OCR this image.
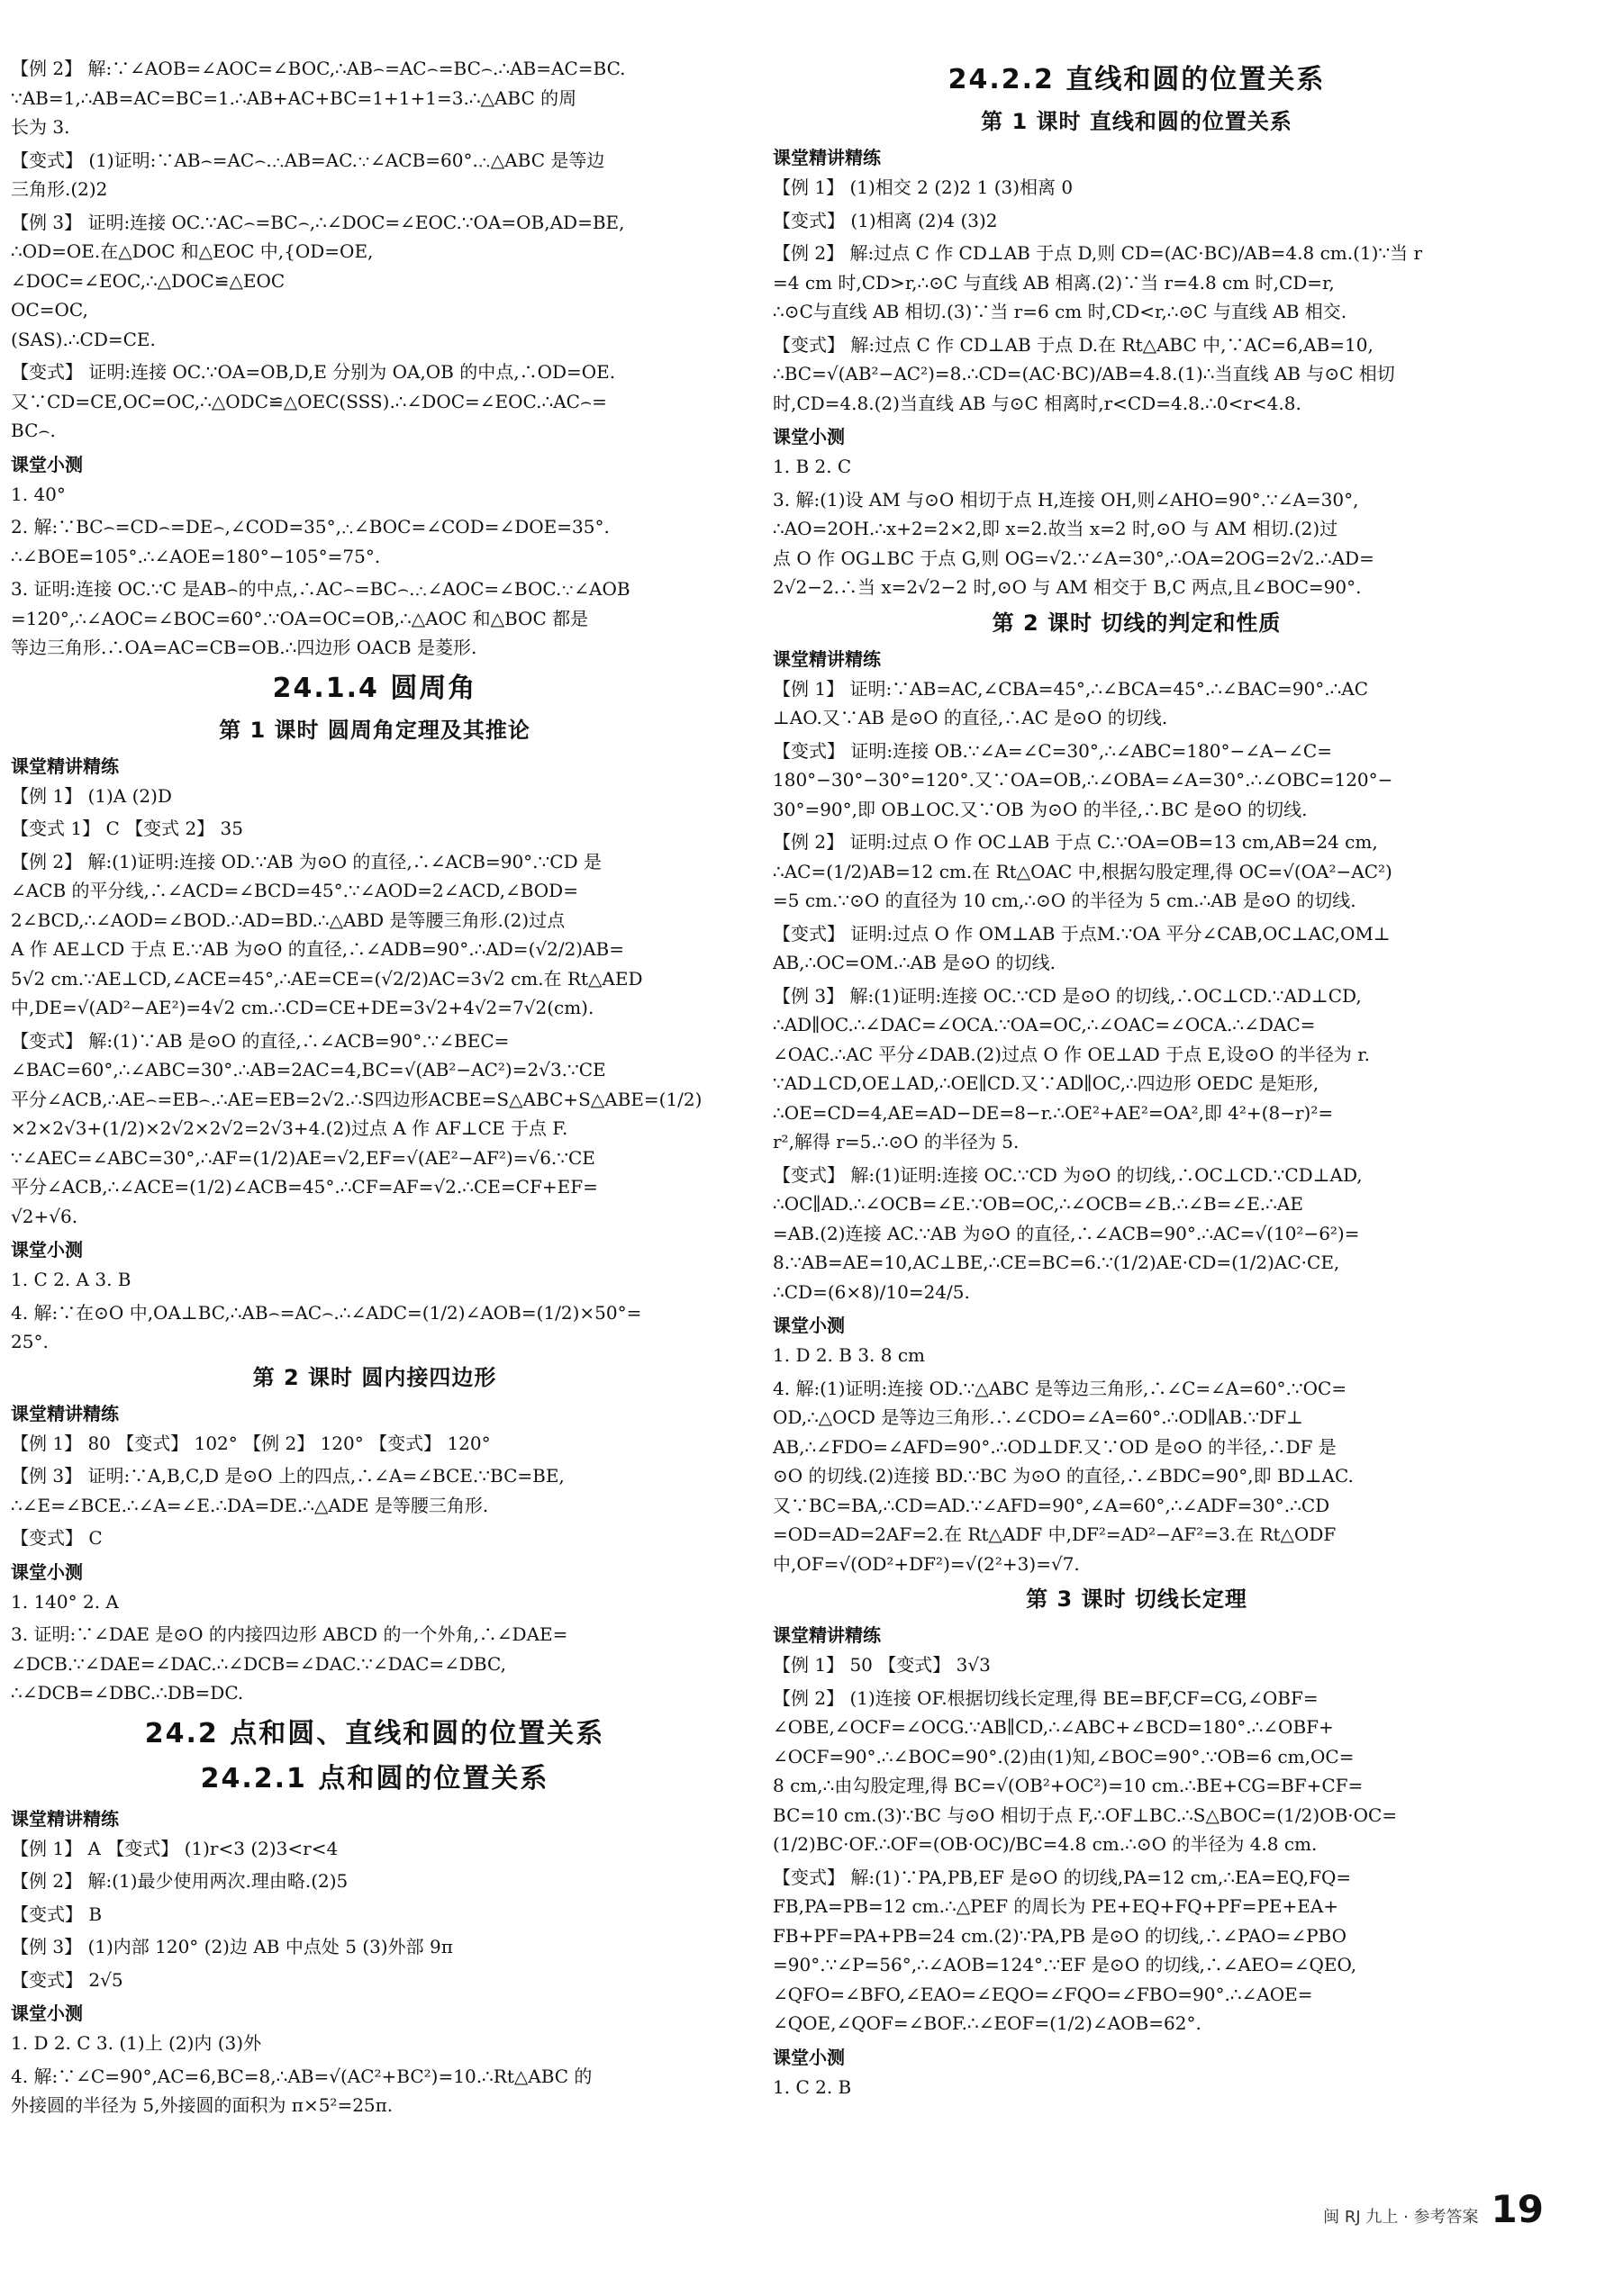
【例 2】 解:∵∠AOB=∠AOC=∠BOC,∴AB⌢=AC⌢=BC⌢.∴AB=AC=BC.
∵AB=1,∴AB=AC=BC=1.∴AB+AC+BC=1+1+1=3.∴△ABC 的周
长为 3.
【变式】 (1)证明:∵AB⌢=AC⌢.∴AB=AC.∵∠ACB=60°.∴△ABC 是等边
三角形.(2)2
【例 3】 证明:连接 OC.∵AC⌢=BC⌢,∴∠DOC=∠EOC.∵OA=OB,AD=BE,
∴OD=OE.在△DOC 和△EOC 中,{OD=OE,
∠DOC=∠EOC,∴△DOC≌△EOC
OC=OC,
(SAS).∴CD=CE.
【变式】 证明:连接 OC.∵OA=OB,D,E 分别为 OA,OB 的中点,∴OD=OE.
又∵CD=CE,OC=OC,∴△ODC≌△OEC(SSS).∴∠DOC=∠EOC.∴AC⌢=
BC⌢.
课堂小测
1. 40°
2. 解:∵BC⌢=CD⌢=DE⌢,∠COD=35°,∴∠BOC=∠COD=∠DOE=35°.
∴∠BOE=105°.∴∠AOE=180°−105°=75°.
3. 证明:连接 OC.∵C 是AB⌢的中点,∴AC⌢=BC⌢.∴∠AOC=∠BOC.∵∠AOB
=120°,∴∠AOC=∠BOC=60°.∵OA=OC=OB,∴△AOC 和△BOC 都是
等边三角形.∴OA=AC=CB=OB.∴四边形 OACB 是菱形.
24.1.4 圆周角
第 1 课时 圆周角定理及其推论
课堂精讲精练
【例 1】 (1)A (2)D
【变式 1】 C 【变式 2】 35
【例 2】 解:(1)证明:连接 OD.∵AB 为⊙O 的直径,∴∠ACB=90°.∵CD 是
∠ACB 的平分线,∴∠ACD=∠BCD=45°.∵∠AOD=2∠ACD,∠BOD=
2∠BCD,∴∠AOD=∠BOD.∴AD=BD.∴△ABD 是等腰三角形.(2)过点
A 作 AE⊥CD 于点 E.∵AB 为⊙O 的直径,∴∠ADB=90°.∴AD=(√2/2)AB=
5√2 cm.∵AE⊥CD,∠ACE=45°,∴AE=CE=(√2/2)AC=3√2 cm.在 Rt△AED
中,DE=√(AD²−AE²)=4√2 cm.∴CD=CE+DE=3√2+4√2=7√2(cm).
【变式】 解:(1)∵AB 是⊙O 的直径,∴∠ACB=90°.∵∠BEC=
∠BAC=60°,∴∠ABC=30°.∴AB=2AC=4,BC=√(AB²−AC²)=2√3.∵CE
平分∠ACB,∴AE⌢=EB⌢.∴AE=EB=2√2.∴S四边形ACBE=S△ABC+S△ABE=(1/2)
×2×2√3+(1/2)×2√2×2√2=2√3+4.(2)过点 A 作 AF⊥CE 于点 F.
∵∠AEC=∠ABC=30°,∴AF=(1/2)AE=√2,EF=√(AE²−AF²)=√6.∵CE
平分∠ACB,∴∠ACE=(1/2)∠ACB=45°.∴CF=AF=√2.∴CE=CF+EF=
√2+√6.
课堂小测
1. C 2. A 3. B
4. 解:∵在⊙O 中,OA⊥BC,∴AB⌢=AC⌢.∴∠ADC=(1/2)∠AOB=(1/2)×50°=
25°.
第 2 课时 圆内接四边形
课堂精讲精练
【例 1】 80 【变式】 102° 【例 2】 120° 【变式】 120°
【例 3】 证明:∵A,B,C,D 是⊙O 上的四点,∴∠A=∠BCE.∵BC=BE,
∴∠E=∠BCE.∴∠A=∠E.∴DA=DE.∴△ADE 是等腰三角形.
【变式】 C
课堂小测
1. 140° 2. A
3. 证明:∵∠DAE 是⊙O 的内接四边形 ABCD 的一个外角,∴∠DAE=
∠DCB.∵∠DAE=∠DAC.∴∠DCB=∠DAC.∵∠DAC=∠DBC,
∴∠DCB=∠DBC.∴DB=DC.
24.2 点和圆、直线和圆的位置关系
24.2.1 点和圆的位置关系
课堂精讲精练
【例 1】 A 【变式】 (1)r<3 (2)3<r<4
【例 2】 解:(1)最少使用两次.理由略.(2)5
【变式】 B
【例 3】 (1)内部 120° (2)边 AB 中点处 5 (3)外部 9π
【变式】 2√5
课堂小测
1. D 2. C 3. (1)上 (2)内 (3)外
4. 解:∵∠C=90°,AC=6,BC=8,∴AB=√(AC²+BC²)=10.∴Rt△ABC 的
外接圆的半径为 5,外接圆的面积为 π×5²=25π.
24.2.2 直线和圆的位置关系
第 1 课时 直线和圆的位置关系
课堂精讲精练
【例 1】 (1)相交 2 (2)2 1 (3)相离 0
【变式】 (1)相离 (2)4 (3)2
【例 2】 解:过点 C 作 CD⊥AB 于点 D,则 CD=(AC·BC)/AB=4.8 cm.(1)∵当 r
=4 cm 时,CD>r,∴⊙C 与直线 AB 相离.(2)∵当 r=4.8 cm 时,CD=r,
∴⊙C与直线 AB 相切.(3)∵当 r=6 cm 时,CD<r,∴⊙C 与直线 AB 相交.
【变式】 解:过点 C 作 CD⊥AB 于点 D.在 Rt△ABC 中,∵AC=6,AB=10,
∴BC=√(AB²−AC²)=8.∴CD=(AC·BC)/AB=4.8.(1)∴当直线 AB 与⊙C 相切
时,CD=4.8.(2)当直线 AB 与⊙C 相离时,r<CD=4.8.∴0<r<4.8.
课堂小测
1. B 2. C
3. 解:(1)设 AM 与⊙O 相切于点 H,连接 OH,则∠AHO=90°.∵∠A=30°,
∴AO=2OH.∴x+2=2×2,即 x=2.故当 x=2 时,⊙O 与 AM 相切.(2)过
点 O 作 OG⊥BC 于点 G,则 OG=√2.∵∠A=30°,∴OA=2OG=2√2.∴AD=
2√2−2.∴当 x=2√2−2 时,⊙O 与 AM 相交于 B,C 两点,且∠BOC=90°.
第 2 课时 切线的判定和性质
课堂精讲精练
【例 1】 证明:∵AB=AC,∠CBA=45°,∴∠BCA=45°.∴∠BAC=90°.∴AC
⊥AO.又∵AB 是⊙O 的直径,∴AC 是⊙O 的切线.
【变式】 证明:连接 OB.∵∠A=∠C=30°,∴∠ABC=180°−∠A−∠C=
180°−30°−30°=120°.又∵OA=OB,∴∠OBA=∠A=30°.∴∠OBC=120°−
30°=90°,即 OB⊥OC.又∵OB 为⊙O 的半径,∴BC 是⊙O 的切线.
【例 2】 证明:过点 O 作 OC⊥AB 于点 C.∵OA=OB=13 cm,AB=24 cm,
∴AC=(1/2)AB=12 cm.在 Rt△OAC 中,根据勾股定理,得 OC=√(OA²−AC²)
=5 cm.∵⊙O 的直径为 10 cm,∴⊙O 的半径为 5 cm.∴AB 是⊙O 的切线.
【变式】 证明:过点 O 作 OM⊥AB 于点M.∵OA 平分∠CAB,OC⊥AC,OM⊥
AB,∴OC=OM.∴AB 是⊙O 的切线.
【例 3】 解:(1)证明:连接 OC.∵CD 是⊙O 的切线,∴OC⊥CD.∵AD⊥CD,
∴AD∥OC.∴∠DAC=∠OCA.∵OA=OC,∴∠OAC=∠OCA.∴∠DAC=
∠OAC.∴AC 平分∠DAB.(2)过点 O 作 OE⊥AD 于点 E,设⊙O 的半径为 r.
∵AD⊥CD,OE⊥AD,∴OE∥CD.又∵AD∥OC,∴四边形 OEDC 是矩形,
∴OE=CD=4,AE=AD−DE=8−r.∴OE²+AE²=OA²,即 4²+(8−r)²=
r²,解得 r=5.∴⊙O 的半径为 5.
【变式】 解:(1)证明:连接 OC.∵CD 为⊙O 的切线,∴OC⊥CD.∵CD⊥AD,
∴OC∥AD.∴∠OCB=∠E.∵OB=OC,∴∠OCB=∠B.∴∠B=∠E.∴AE
=AB.(2)连接 AC.∵AB 为⊙O 的直径,∴∠ACB=90°.∴AC=√(10²−6²)=
8.∵AB=AE=10,AC⊥BE,∴CE=BC=6.∵(1/2)AE·CD=(1/2)AC·CE,
∴CD=(6×8)/10=24/5.
课堂小测
1. D 2. B 3. 8 cm
4. 解:(1)证明:连接 OD.∵△ABC 是等边三角形,∴∠C=∠A=60°.∵OC=
OD,∴△OCD 是等边三角形.∴∠CDO=∠A=60°.∴OD∥AB.∵DF⊥
AB,∴∠FDO=∠AFD=90°.∴OD⊥DF.又∵OD 是⊙O 的半径,∴DF 是
⊙O 的切线.(2)连接 BD.∵BC 为⊙O 的直径,∴∠BDC=90°,即 BD⊥AC.
又∵BC=BA,∴CD=AD.∵∠AFD=90°,∠A=60°,∴∠ADF=30°.∴CD
=OD=AD=2AF=2.在 Rt△ADF 中,DF²=AD²−AF²=3.在 Rt△ODF
中,OF=√(OD²+DF²)=√(2²+3)=√7.
第 3 课时 切线长定理
课堂精讲精练
【例 1】 50 【变式】 3√3
【例 2】 (1)连接 OF.根据切线长定理,得 BE=BF,CF=CG,∠OBF=
∠OBE,∠OCF=∠OCG.∵AB∥CD,∴∠ABC+∠BCD=180°.∴∠OBF+
∠OCF=90°.∴∠BOC=90°.(2)由(1)知,∠BOC=90°.∵OB=6 cm,OC=
8 cm,∴由勾股定理,得 BC=√(OB²+OC²)=10 cm.∴BE+CG=BF+CF=
BC=10 cm.(3)∵BC 与⊙O 相切于点 F,∴OF⊥BC.∴S△BOC=(1/2)OB·OC=
(1/2)BC·OF.∴OF=(OB·OC)/BC=4.8 cm.∴⊙O 的半径为 4.8 cm.
【变式】 解:(1)∵PA,PB,EF 是⊙O 的切线,PA=12 cm,∴EA=EQ,FQ=
FB,PA=PB=12 cm.∴△PEF 的周长为 PE+EQ+FQ+PF=PE+EA+
FB+PF=PA+PB=24 cm.(2)∵PA,PB 是⊙O 的切线,∴∠PAO=∠PBO
=90°.∵∠P=56°,∴∠AOB=124°.∵EF 是⊙O 的切线,∴∠AEO=∠QEO,
∠QFO=∠BFO,∠EAO=∠EQO=∠FQO=∠FBO=90°.∴∠AOE=
∠QOE,∠QOF=∠BOF.∴∠EOF=(1/2)∠AOB=62°.
课堂小测
1. C 2. B
闽 RJ 九上 · 参考答案 19
